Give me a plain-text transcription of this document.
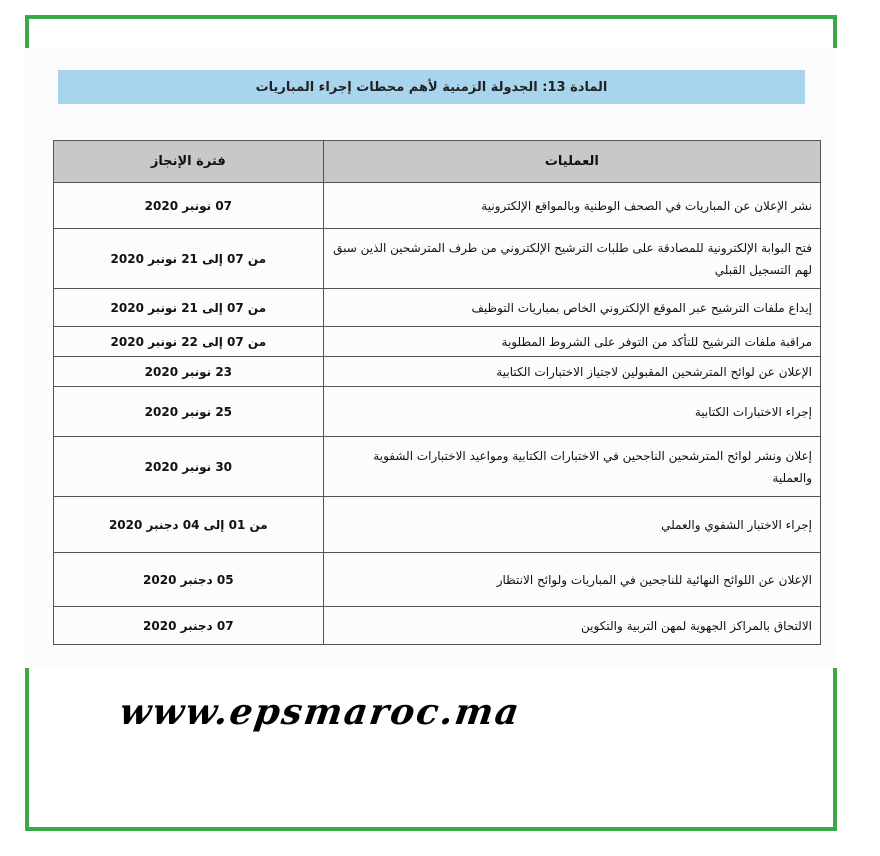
المادة 13: الجدولة الزمنية لأهم محطات إجراء المباريات
العمليات	فترة الإنجاز
نشر الإعلان عن المباريات في الصحف الوطنية وبالمواقع الإلكترونية	07 نونبر 2020
فتح البوابة الإلكترونية للمصادقة على طلبات الترشيح الإلكتروني من طرف المترشحين الذين سبق لهم التسجيل القبلي	من 07 إلى 21 نونبر 2020
إيداع ملفات الترشيح عبر الموقع الإلكتروني الخاص بمباريات التوظيف	من 07 إلى 21 نونبر 2020
مراقبة ملفات الترشيح للتأكد من التوفر على الشروط المطلوبة	من 07 إلى 22 نونبر 2020
الإعلان عن لوائح المترشحين المقبولين لاجتياز الاختبارات الكتابية	23 نونبر 2020
إجراء الاختبارات الكتابية	25 نونبر 2020
إعلان ونشر لوائح المترشحين الناجحين في الاختبارات الكتابية ومواعيد الاختبارات الشفوية والعملية	30 نونبر 2020
إجراء الاختبار الشفوي والعملي	من 01 إلى 04 دجنبر 2020
الإعلان عن اللوائح النهائية للناجحين في المباريات ولوائح الانتظار	05 دجنبر 2020
الالتحاق بالمراكز الجهوية لمهن التربية والتكوين	07 دجنبر 2020
www.epsmaroc.ma
